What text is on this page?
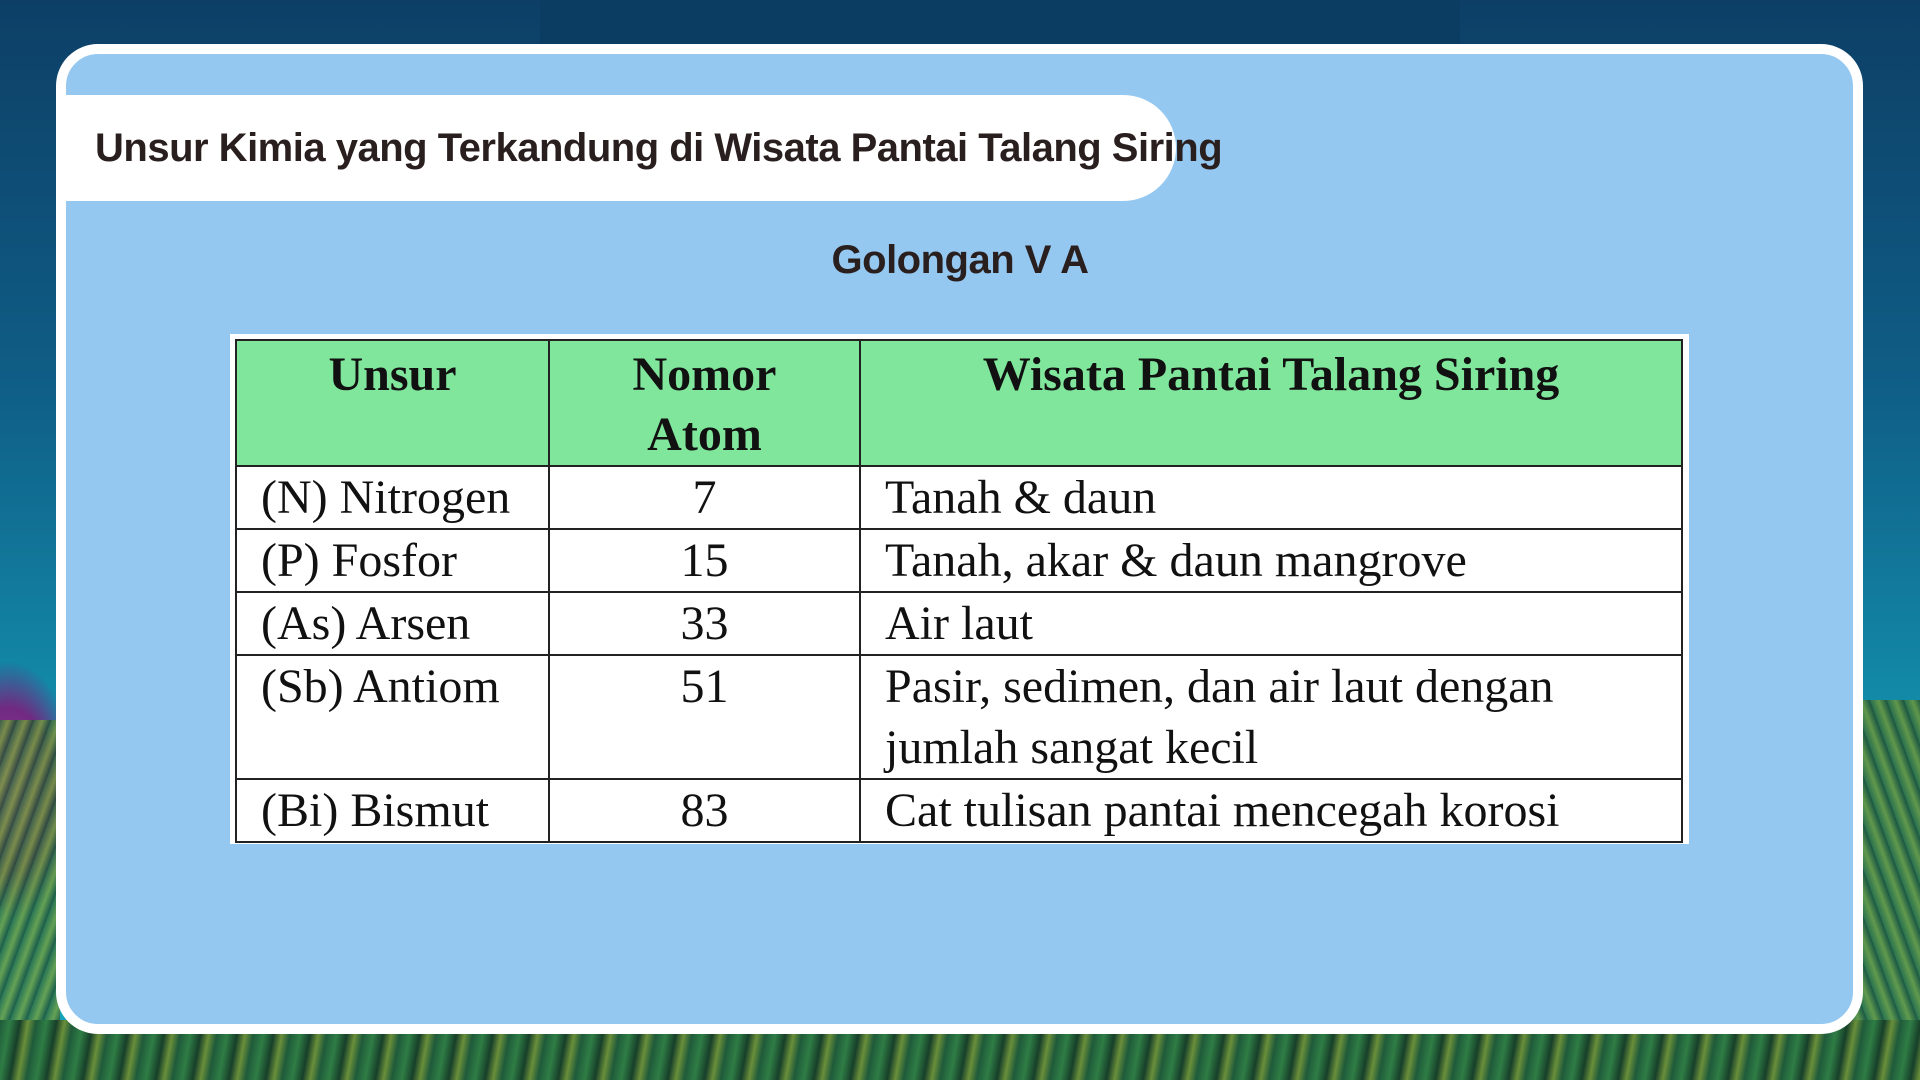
Unsur Kimia yang Terkandung di Wisata Pantai Talang Siring
Golongan V A
Unsur	Nomor Atom	Wisata Pantai Talang Siring
(N) Nitrogen	7	Tanah & daun
(P) Fosfor	15	Tanah, akar & daun mangrove
(As) Arsen	33	Air laut
(Sb) Antiom	51	Pasir, sedimen, dan air laut dengan jumlah sangat kecil
(Bi) Bismut	83	Cat tulisan pantai mencegah korosi
